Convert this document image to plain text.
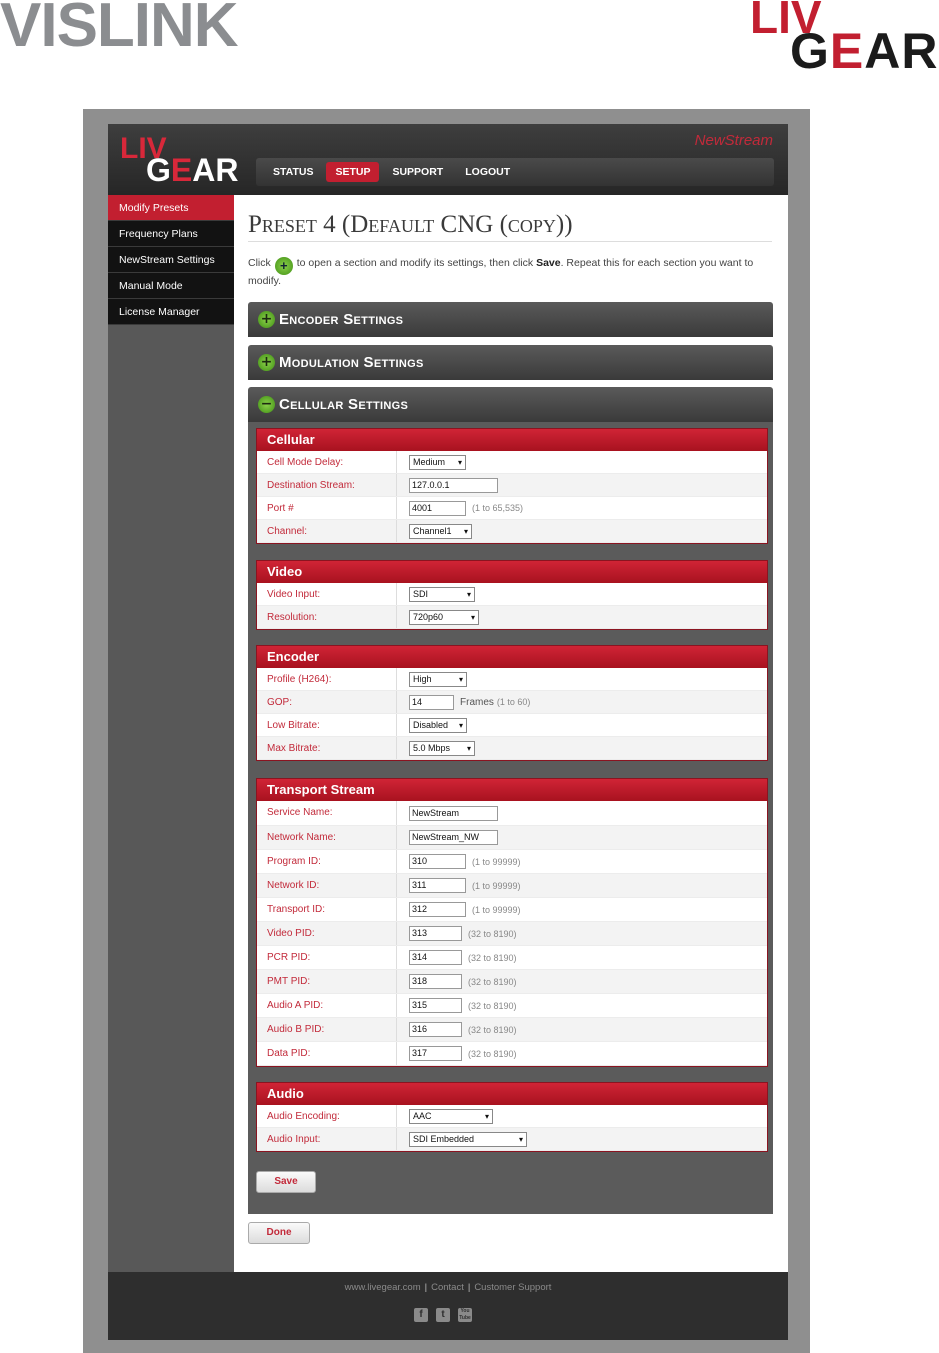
VISLINK	LIV
GEAR
LIV
GEAR
NewStream
STATUS	SETUP	SUPPORT	LOGOUT
Modify Presets
Frequency Plans
NewStream Settings
Manual Mode
License Manager
Preset 4 (Default CNG (copy))
Click + to open a section and modify its settings, then click Save. Repeat this for each section you want to modify.
+ Encoder Settings
+ Modulation Settings
− Cellular Settings
Cellular
Cell Mode Delay:	Medium ▾
Destination Stream:	127.0.0.1
Port #	4001	(1 to 65,535)
Channel:	Channel1 ▾
Video
Video Input:	SDI ▾
Resolution:	720p60 ▾
Encoder
Profile (H264):	High ▾
GOP:	14	Frames (1 to 60)
Low Bitrate:	Disabled ▾
Max Bitrate:	5.0 Mbps ▾
Transport Stream
Service Name:	NewStream
Network Name:	NewStream_NW
Program ID:	310	(1 to 99999)
Network ID:	311	(1 to 99999)
Transport ID:	312	(1 to 99999)
Video PID:	313	(32 to 8190)
PCR PID:	314	(32 to 8190)
PMT PID:	318	(32 to 8190)
Audio A PID:	315	(32 to 8190)
Audio B PID:	316	(32 to 8190)
Data PID:	317	(32 to 8190)
Audio
Audio Encoding:	AAC ▾
Audio Input:	SDI Embedded ▾
Save
Done
www.livegear.com | Contact | Customer Support
f	t	You Tube
